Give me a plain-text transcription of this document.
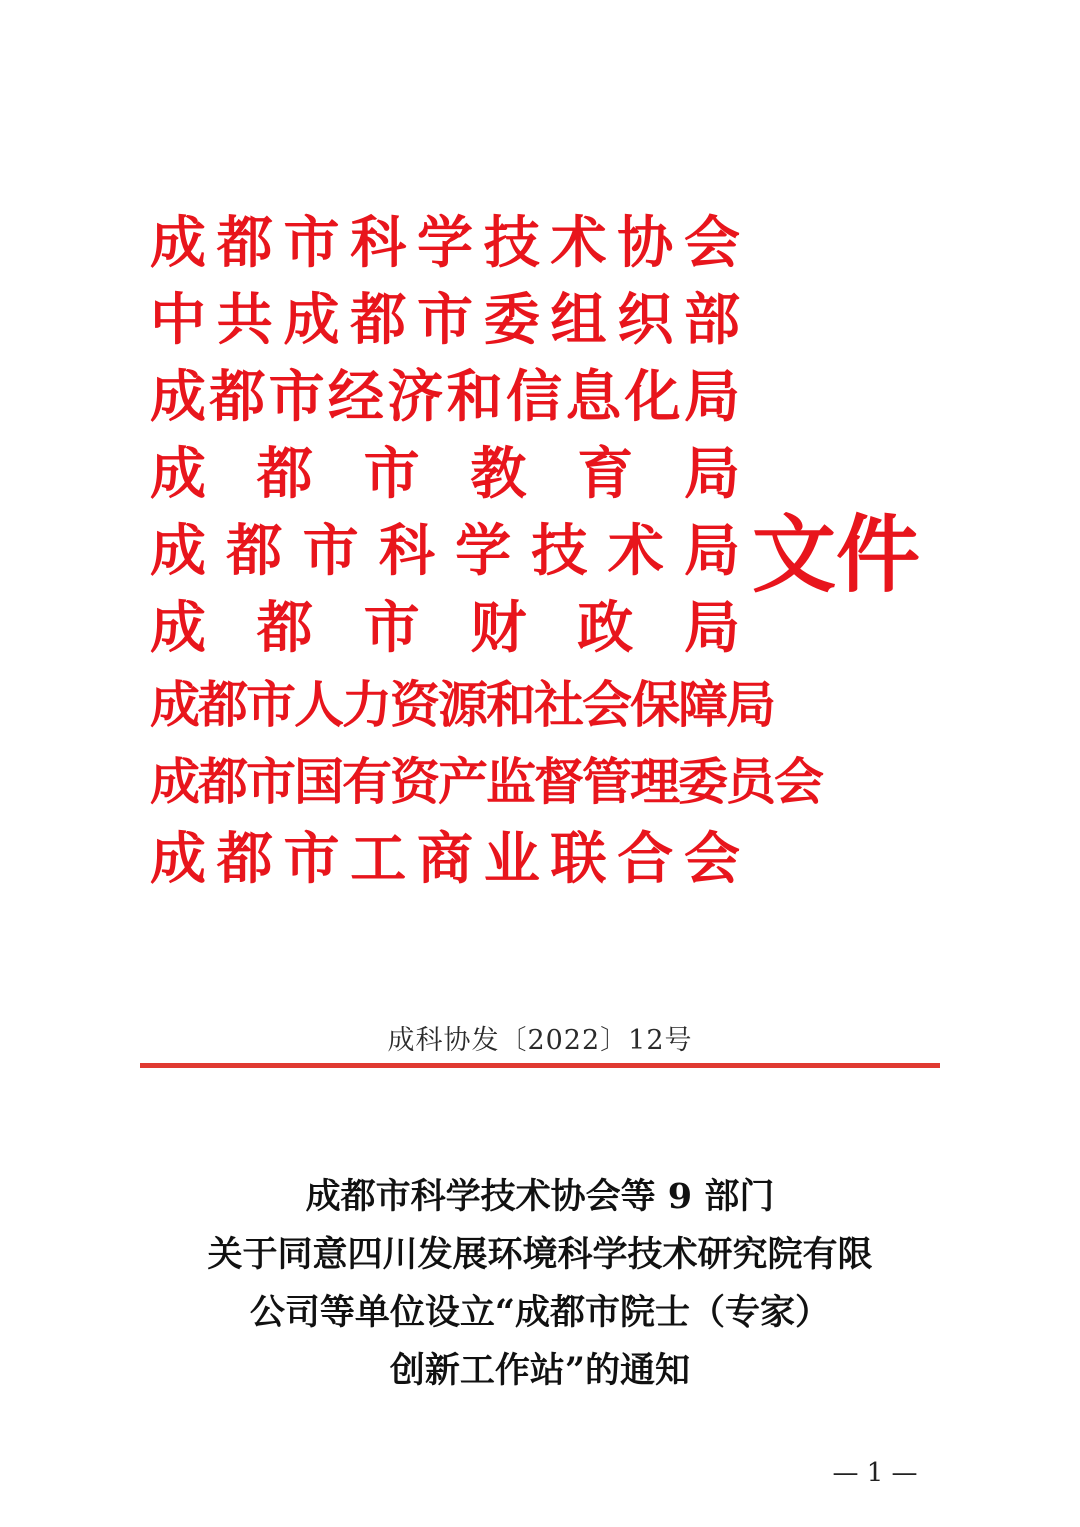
成都市科学技术协会
中共成都市委组织部
成都市经济和信息化局
成都市教育局
成都市科学技术局
成都市财政局
成都市人力资源和社会保障局
成都市国有资产监督管理委员会
成都市工商业联合会
文件
成科协发〔2022〕12号
成都市科学技术协会等 9 部门
关于同意四川发展环境科学技术研究院有限
公司等单位设立“成都市院士（专家）
创新工作站”的通知
— 1 —
